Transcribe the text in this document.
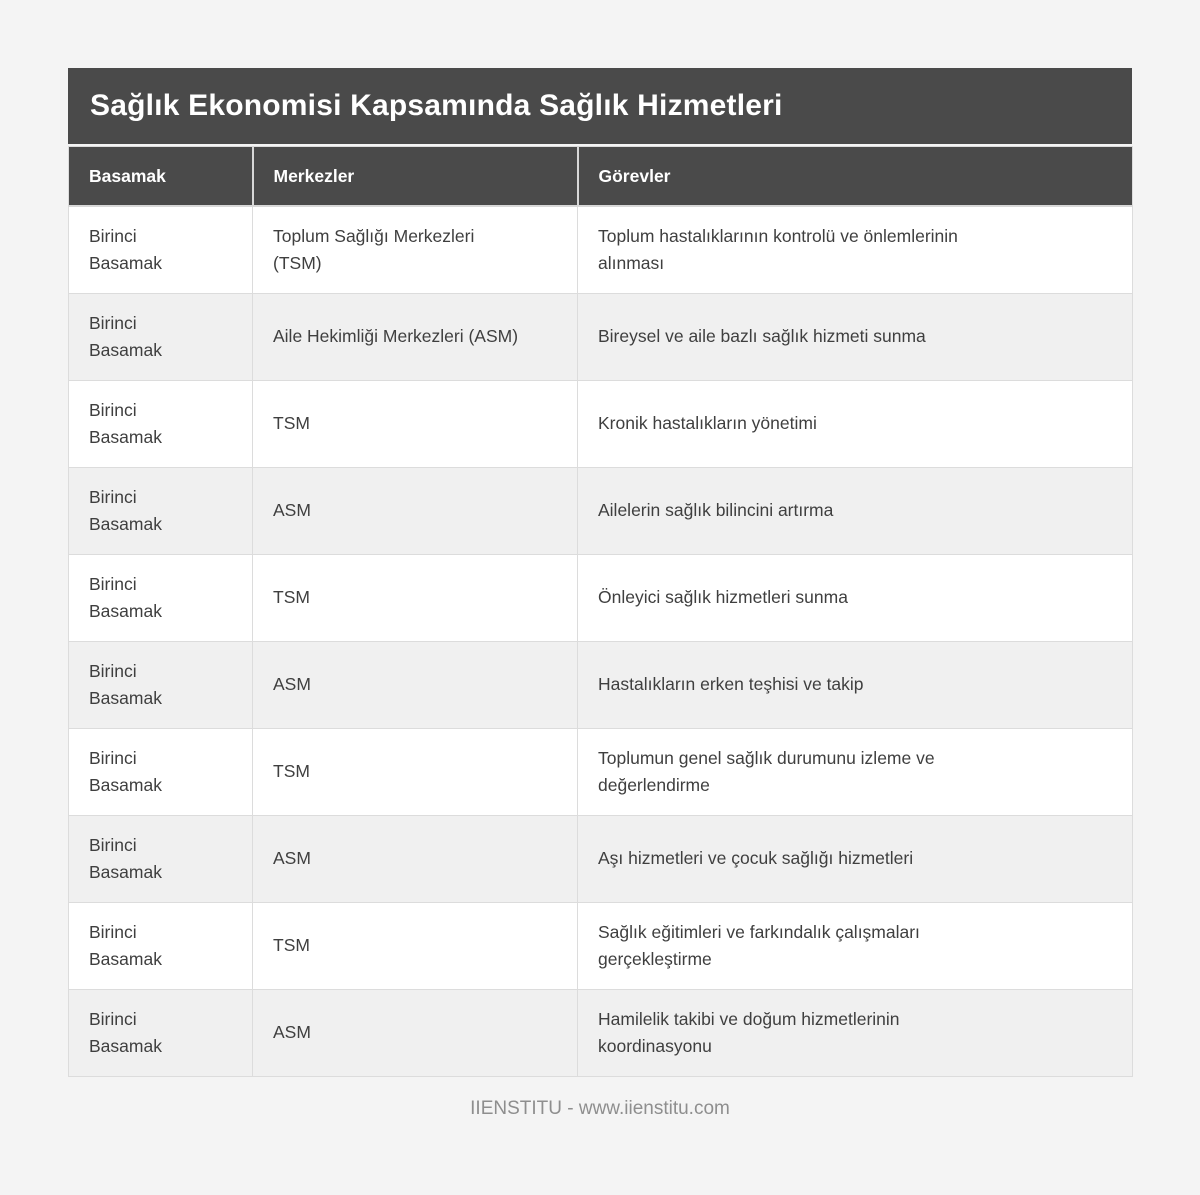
Sağlık Ekonomisi Kapsamında Sağlık Hizmetleri
Basamak	Merkezler	Görevler

Birinci Basamak	Toplum Sağlığı Merkezleri (TSM)	Toplum hastalıklarının kontrolü ve önlemlerinin alınması

Birinci Basamak	Aile Hekimliği Merkezleri (ASM)	Bireysel ve aile bazlı sağlık hizmeti sunma

Birinci Basamak	TSM	Kronik hastalıkların yönetimi

Birinci Basamak	ASM	Ailelerin sağlık bilincini artırma

Birinci Basamak	TSM	Önleyici sağlık hizmetleri sunma

Birinci Basamak	ASM	Hastalıkların erken teşhisi ve takip

Birinci Basamak	TSM	Toplumun genel sağlık durumunu izleme ve değerlendirme

Birinci Basamak	ASM	Aşı hizmetleri ve çocuk sağlığı hizmetleri

Birinci Basamak	TSM	Sağlık eğitimleri ve farkındalık çalışmaları gerçekleştirme

Birinci Basamak	ASM	Hamilelik takibi ve doğum hizmetlerinin koordinasyonu
IIENSTITU - www.iienstitu.com
